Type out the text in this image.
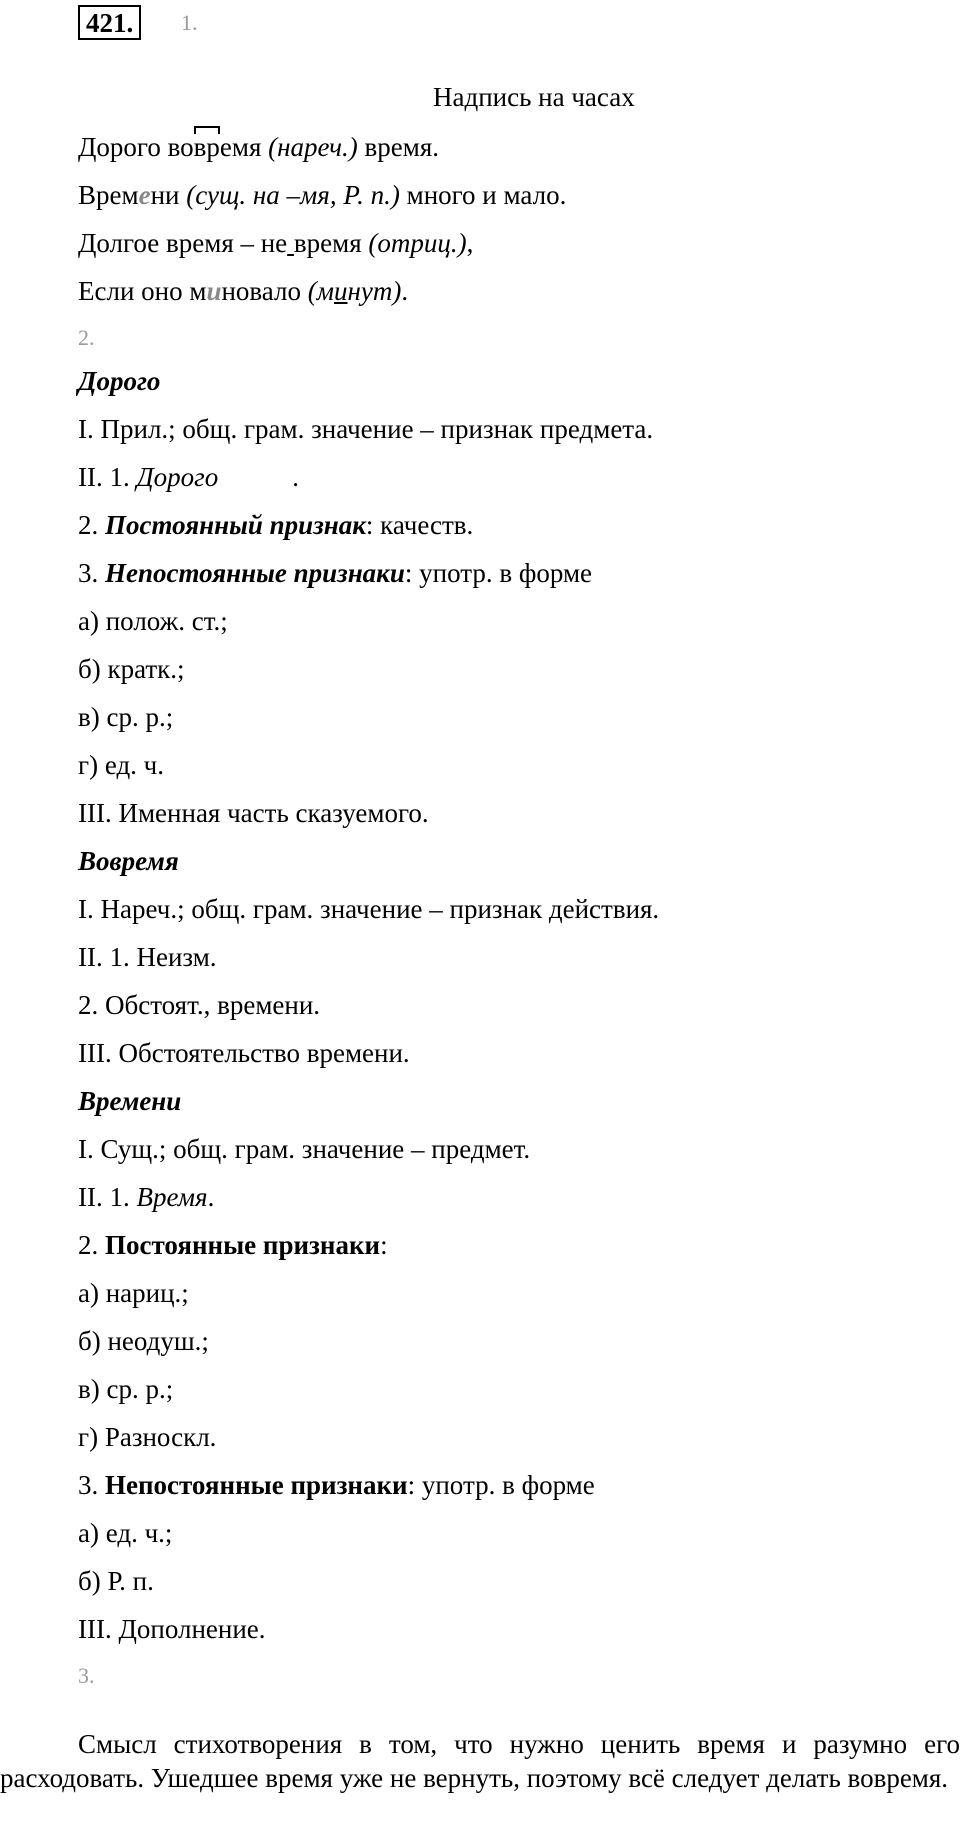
421.	1.
Надпись на часах
Дорого вовремя (нареч.) время.
Времени (сущ. на –мя, Р. п.) много и мало.
Долгое время – не время (отриц.),
Если оно миновало (минут).
2.
Дорого
I. Прил.; общ. грам. значение – признак предмета.
II. 1. Дорого	.
2. Постоянный признак: качеств.
3. Непостоянные признаки: употр. в форме
а) полож. ст.;
б) кратк.;
в) ср. р.;
г) ед. ч.
III. Именная часть сказуемого.
Вовремя
I. Нареч.; общ. грам. значение – признак действия.
II. 1. Неизм.
2. Обстоят., времени.
III. Обстоятельство времени.
Времени
I. Сущ.; общ. грам. значение – предмет.
II. 1. Время.
2. Постоянные признаки:
а) нариц.;
б) неодуш.;
в) ср. р.;
г) Разноскл.
3. Непостоянные признаки: употр. в форме
а) ед. ч.;
б) Р. п.
III. Дополнение.
3.
Смысл стихотворения в том, что нужно ценить время и разумно его расходовать. Ушедшее время уже не вернуть, поэтому всё следует делать вовремя.
